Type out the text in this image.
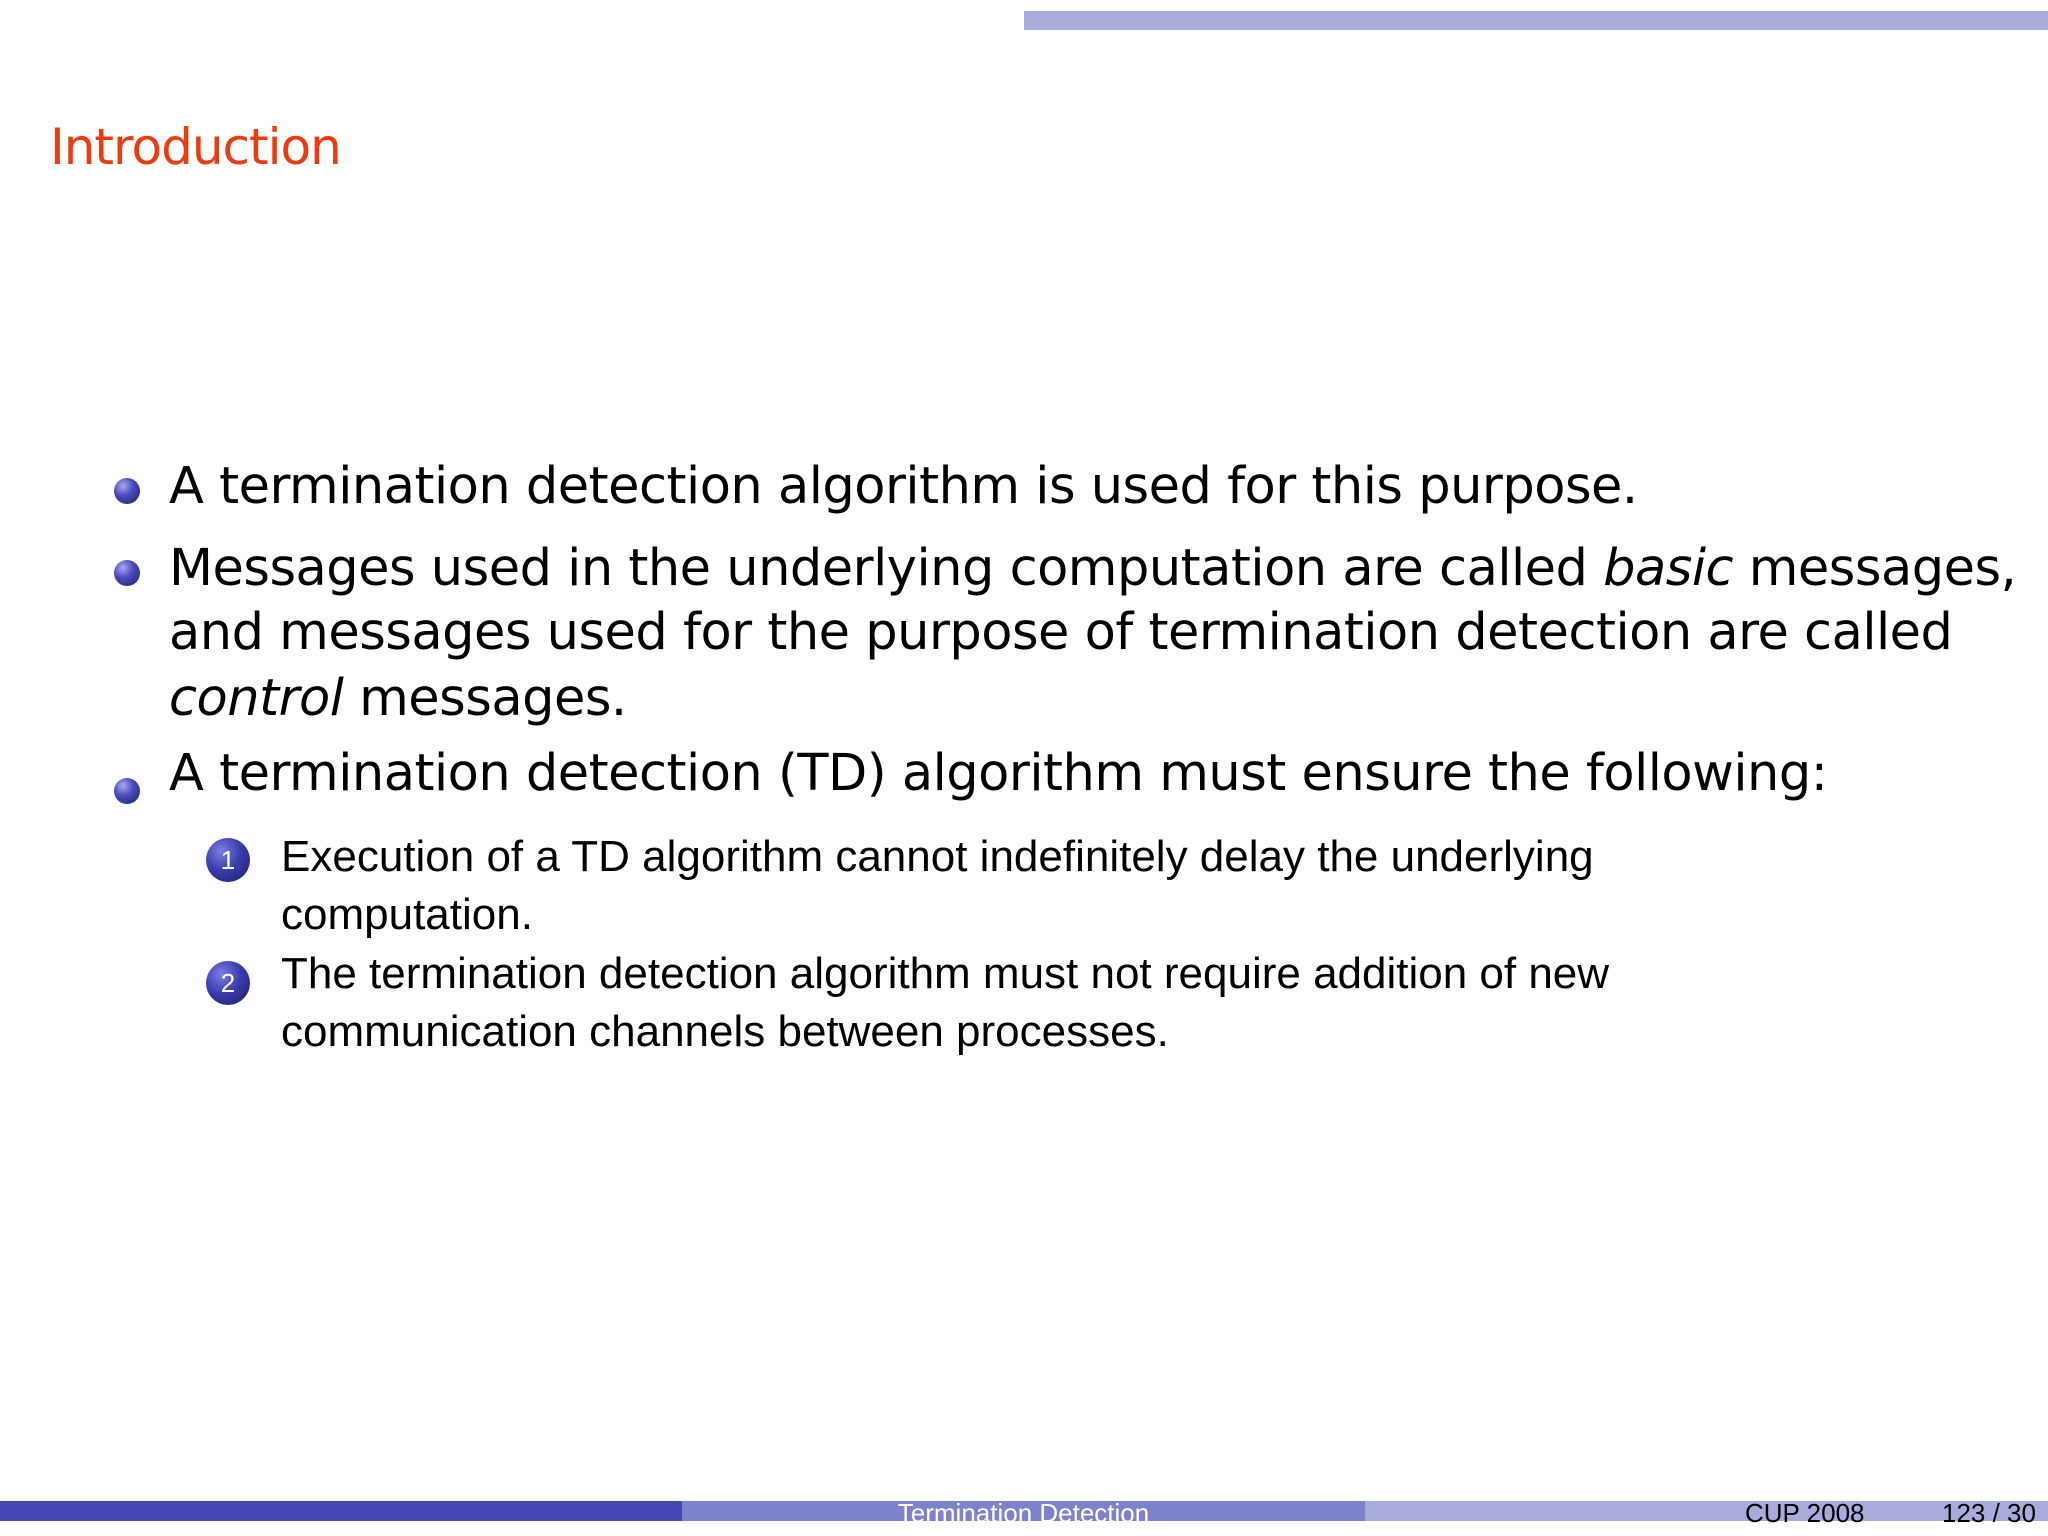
Introduction
A termination detection algorithm is used for this purpose.
Messages used in the underlying computation are called basic messages,
and messages used for the purpose of termination detection are called
control messages.
A termination detection (TD) algorithm must ensure the following:
1	Execution of a TD algorithm cannot indefinitely delay the underlying
computation.
2	The termination detection algorithm must not require addition of new
communication channels between processes.
Termination Detection	CUP 2008	123 / 30
